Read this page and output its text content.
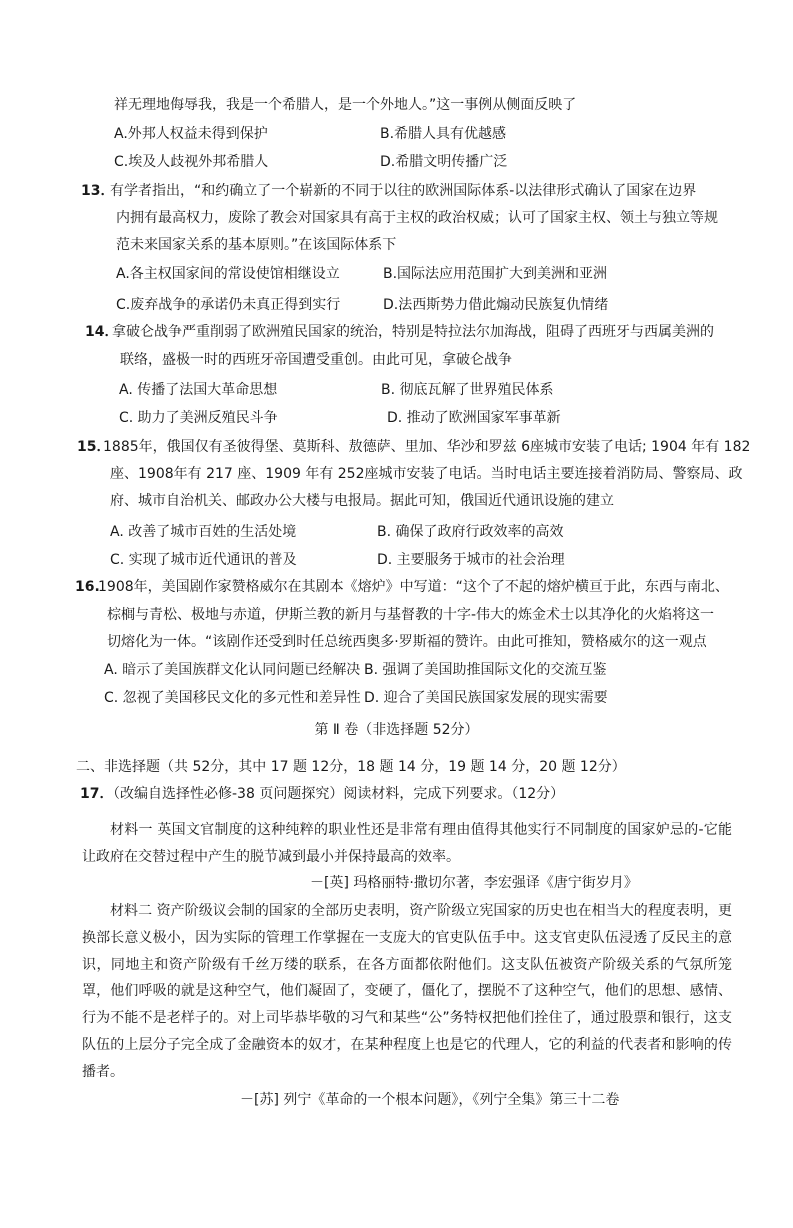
祥无理地侮辱我，我是一个希腊人，是一个外地人。”这一事例从侧面反映了
A.外邦人权益未得到保护	B.希腊人具有优越感
C.埃及人歧视外邦希腊人	D.希腊文明传播广泛
13．
有学者指出，“和约确立了一个崭新的不同于以往的欧洲国际体系-以法律形式确认了国家在边界
内拥有最高权力，废除了教会对国家具有高于主权的政治权威；认可了国家主权、领土与独立等规
范未来国家关系的基本原则。”在该国际体系下
A.各主权国家间的常设使馆相继设立	B.国际法应用范围扩大到美洲和亚洲
C.废弃战争的承诺仍未真正得到实行	D.法西斯势力借此煽动民族复仇情绪
14．
拿破仑战争严重削弱了欧洲殖民国家的统治，特别是特拉法尔加海战，阻碍了西班牙与西属美洲的
联络，盛极一时的西班牙帝国遭受重创。由此可见，拿破仑战争
A. 传播了法国大革命思想	B. 彻底瓦解了世界殖民体系
C. 助力了美洲反殖民斗争	D. 推动了欧洲国家军事革新
15．
1885年，俄国仅有圣彼得堡、莫斯科、敖德萨、里加、华沙和罗兹 6座城市安装了电话; 1904 年有 182
座、1908年有 217 座、1909 年有 252座城市安装了电话。当时电话主要连接着消防局、警察局、政
府、城市自治机关、邮政办公大楼与电报局。据此可知，俄国近代通讯设施的建立
A. 改善了城市百姓的生活处境	B. 确保了政府行政效率的高效
C. 实现了城市近代通讯的普及	D. 主要服务于城市的社会治理
16.
1908年，美国剧作家赞格威尔在其剧本《熔炉》中写道：“这个了不起的熔炉横亘于此，东西与南北、
棕榈与青松、极地与赤道，伊斯兰教的新月与基督教的十字-伟大的炼金术士以其净化的火焰将这一
切熔化为一体。“该剧作还受到时任总统西奥多·罗斯福的赞许。由此可推知，赞格威尔的这一观点
A. 暗示了美国族群文化认同问题已经解决 B. 强调了美国助推国际文化的交流互鉴
C. 忽视了美国移民文化的多元性和差异性 D. 迎合了美国民族国家发展的现实需要
第 Ⅱ 卷（非选择题 52分）
二、非选择题（共 52分，其中 17 题 12分，18 题 14 分，19 题 14 分，20 题 12分）
17．
（改编自选择性必修-38 页问题探究）阅读材料，完成下列要求。（12分）
材料一 英国文官制度的这种纯粹的职业性还是非常有理由值得其他实行不同制度的国家妒忌的-它能让政府在交替过程中产生的脱节减到最小并保持最高的效率。
－[英] 玛格丽特·撒切尔著，李宏强译《唐宁街岁月》
材料二 资产阶级议会制的国家的全部历史表明，资产阶级立宪国家的历史也在相当大的程度表明，更换部长意义极小，因为实际的管理工作掌握在一支庞大的官吏队伍手中。这支官吏队伍浸透了反民主的意识，同地主和资产阶级有千丝万缕的联系，在各方面都依附他们。这支队伍被资产阶级关系的气氛所笼罩，他们呼吸的就是这种空气，他们凝固了，变硬了，僵化了，摆脱不了这种空气，他们的思想、感情、行为不能不是老样子的。对上司毕恭毕敬的习气和某些“公”务特权把他们拴住了，通过股票和银行，这支队伍的上层分子完全成了金融资本的奴才，在某种程度上也是它的代理人，它的利益的代表者和影响的传播者。
－[苏] 列宁《革命的一个根本问题》，《列宁全集》第三十二卷
